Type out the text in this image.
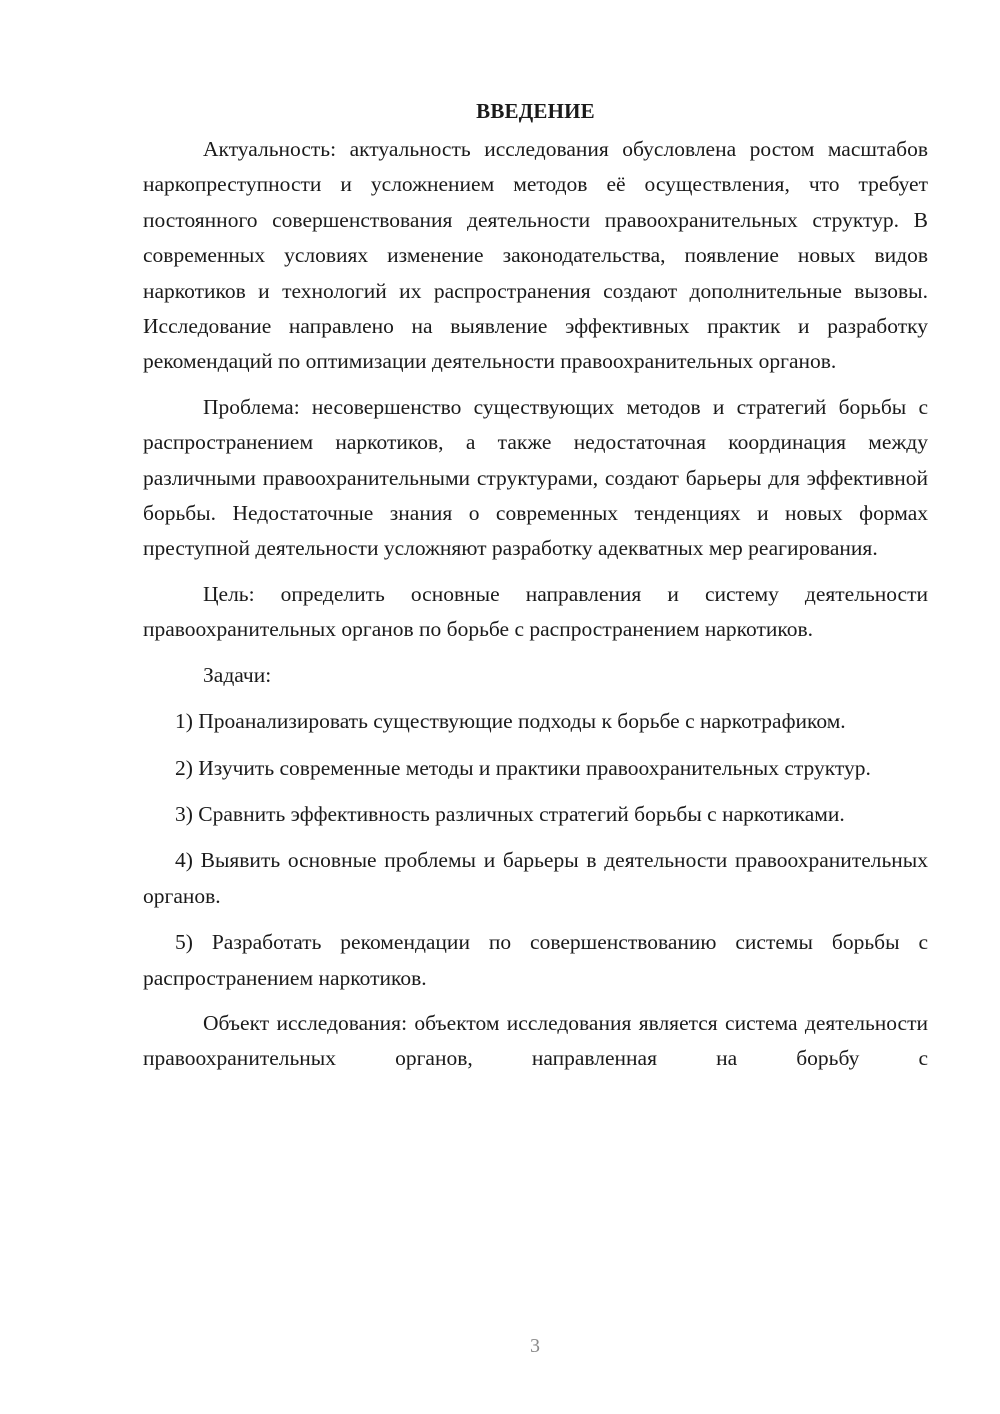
ВВЕДЕНИЕ

Актуальность: актуальность исследования обусловлена ростом масштабов наркопреступности и усложнением методов её осуществления, что требует постоянного совершенствования деятельности правоохранительных структур. В современных условиях изменение законодательства, появление новых видов наркотиков и технологий их распространения создают дополнительные вызовы. Исследование направлено на выявление эффективных практик и разработку рекомендаций по оптимизации деятельности правоохранительных органов.

Проблема: несовершенство существующих методов и стратегий борьбы с распространением наркотиков, а также недостаточная координация между различными правоохранительными структурами, создают барьеры для эффективной борьбы. Недостаточные знания о современных тенденциях и новых формах преступной деятельности усложняют разработку адекватных мер реагирования.

Цель: определить основные направления и систему деятельности правоохранительных органов по борьбе с распространением наркотиков.

Задачи:

1) Проанализировать существующие подходы к борьбе с наркотрафиком.

2) Изучить современные методы и практики правоохранительных структур.

3) Сравнить эффективность различных стратегий борьбы с наркотиками.

4) Выявить основные проблемы и барьеры в деятельности правоохранительных органов.

5) Разработать рекомендации по совершенствованию системы борьбы с распространением наркотиков.

Объект исследования: объектом исследования является система деятельности правоохранительных органов, направленная на борьбу с

3
